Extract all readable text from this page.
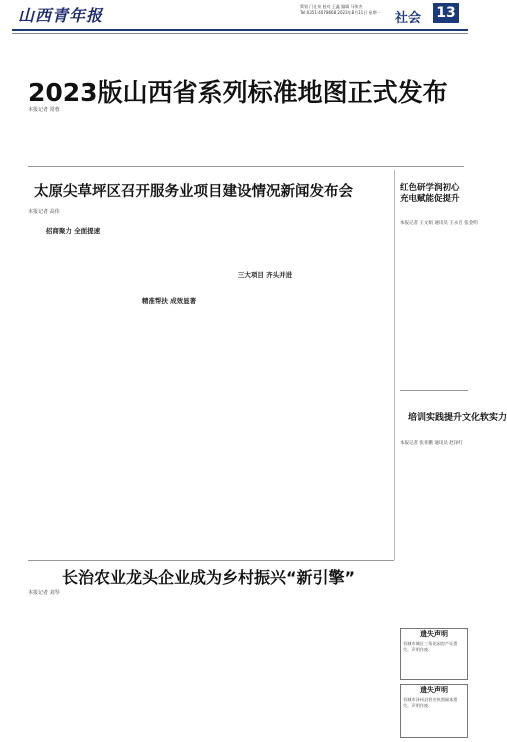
山西青年报	策划 门仕泉 校对 王鑫 编辑 马伟杰
Tel:0351-4078668 2023年8月11日 星期一	社会 13
2023版山西省系列标准地图正式发布
本报记者 常蓉
太原尖草坪区召开服务业项目建设情况新闻发布会
本报记者 高伟
招商聚力 全面提速
精准帮扶 成效显著
三大项目 齐头并进
红色研学润初心 充电赋能促提升
本报记者 王文娟 通讯员 王永召 张金明
培训实践提升文化软实力
本报记者 张亚鹏 通讯员 赵泽红
长治农业龙头企业成为乡村振兴“新引擎”
本报记者 刘琴
遗失声明
晋城市城区三角花园房产证遗失，声明作废。
遗失声明
晋城市泽州县营业执照副本遗失，声明作废。
